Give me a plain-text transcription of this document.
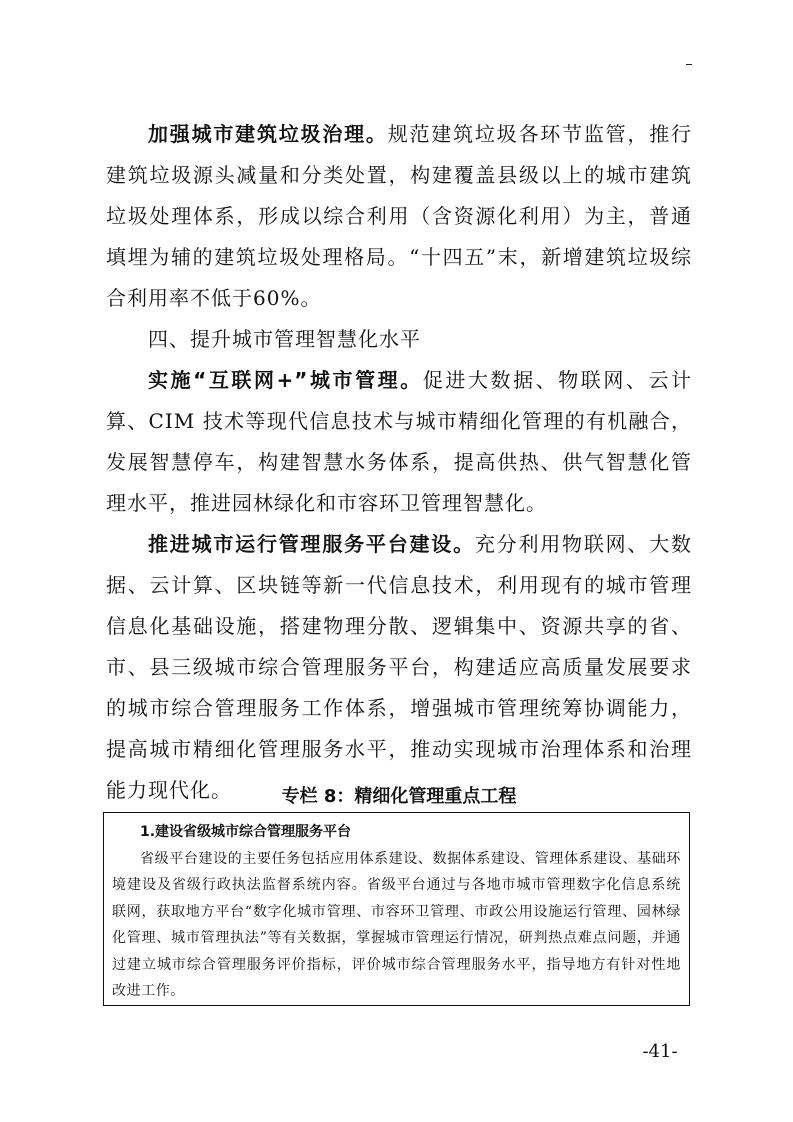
加强城市建筑垃圾治理。规范建筑垃圾各环节监管，推行建筑垃圾源头减量和分类处置，构建覆盖县级以上的城市建筑垃圾处理体系，形成以综合利用（含资源化利用）为主，普通填埋为辅的建筑垃圾处理格局。“十四五”末，新增建筑垃圾综合利用率不低于60%。

四、提升城市管理智慧化水平

实施“互联网+”城市管理。促进大数据、物联网、云计算、CIM 技术等现代信息技术与城市精细化管理的有机融合，发展智慧停车，构建智慧水务体系，提高供热、供气智慧化管理水平，推进园林绿化和市容环卫管理智慧化。

推进城市运行管理服务平台建设。充分利用物联网、大数据、云计算、区块链等新一代信息技术，利用现有的城市管理信息化基础设施，搭建物理分散、逻辑集中、资源共享的省、市、县三级城市综合管理服务平台，构建适应高质量发展要求的城市综合管理服务工作体系，增强城市管理统筹协调能力，提高城市精细化管理服务水平，推动实现城市治理体系和治理能力现代化。	专栏 8：精细化管理重点工程

1.建设省级城市综合管理服务平台

省级平台建设的主要任务包括应用体系建设、数据体系建设、管理体系建设、基础环境建设及省级行政执法监督系统内容。省级平台通过与各地市城市管理数字化信息系统联网，获取地方平台“数字化城市管理、市容环卫管理、市政公用设施运行管理、园林绿化管理、城市管理执法”等有关数据，掌握城市管理运行情况，研判热点难点问题，并通过建立城市综合管理服务评价指标，评价城市综合管理服务水平，指导地方有针对性地改进工作。

-41-
